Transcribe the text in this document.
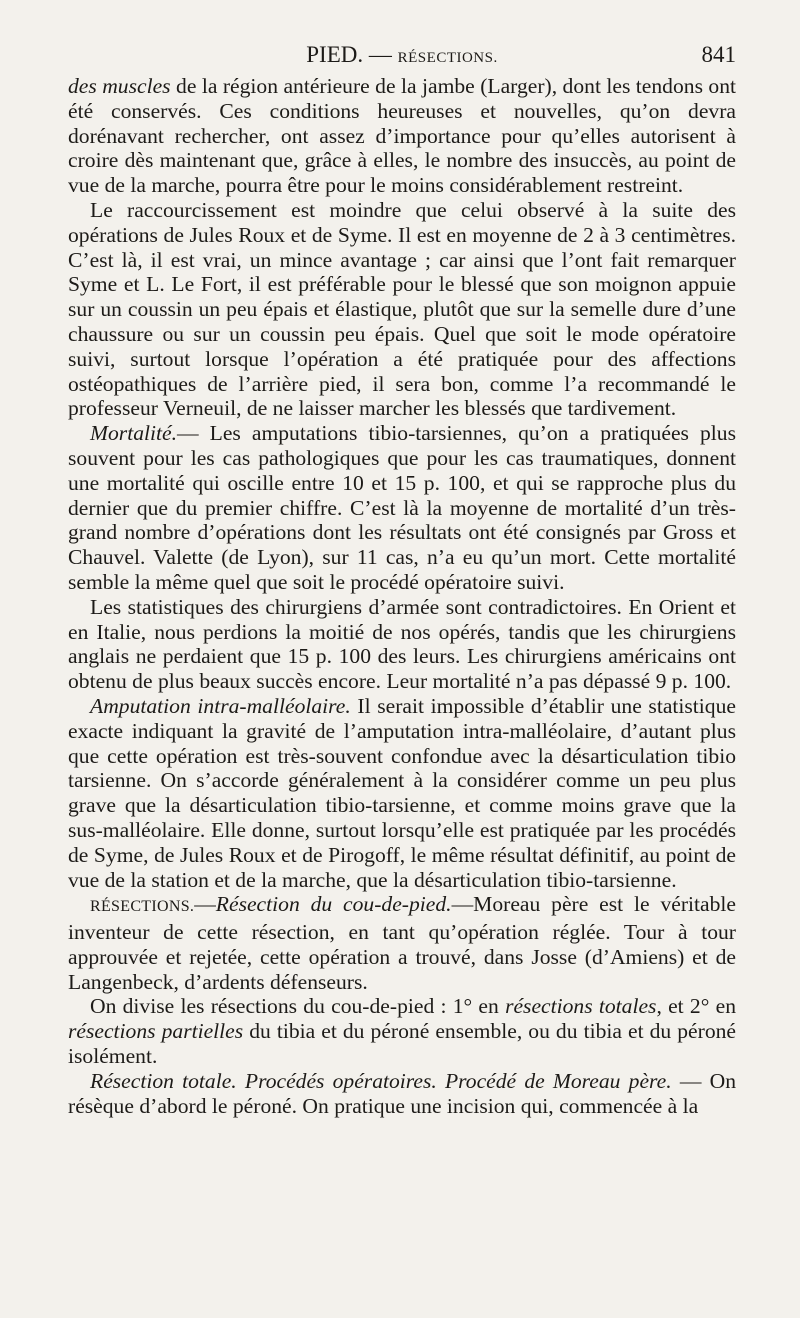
PIED. — RÉSECTIONS.	841

des muscles de la région antérieure de la jambe (Larger), dont les tendons ont été conservés. Ces conditions heureuses et nouvelles, qu’on devra dorénavant rechercher, ont assez d’importance pour qu’elles autorisent à croire dès maintenant que, grâce à elles, le nombre des insuccès, au point de vue de la marche, pourra être pour le moins considérablement restreint.

Le raccourcissement est moindre que celui observé à la suite des opérations de Jules Roux et de Syme. Il est en moyenne de 2 à 3 centimètres. C’est là, il est vrai, un mince avantage ; car ainsi que l’ont fait remarquer Syme et L. Le Fort, il est préférable pour le blessé que son moignon appuie sur un coussin un peu épais et élastique, plutôt que sur la semelle dure d’une chaussure ou sur un coussin peu épais. Quel que soit le mode opératoire suivi, surtout lorsque l’opération a été pratiquée pour des affections ostéopathiques de l’arrière pied, il sera bon, comme l’a recommandé le professeur Verneuil, de ne laisser marcher les blessés que tardivement.

Mortalité.— Les amputations tibio-tarsiennes, qu’on a pratiquées plus souvent pour les cas pathologiques que pour les cas traumatiques, donnent une mortalité qui oscille entre 10 et 15 p. 100, et qui se rapproche plus du dernier que du premier chiffre. C’est là la moyenne de mortalité d’un très-grand nombre d’opérations dont les résultats ont été consignés par Gross et Chauvel. Valette (de Lyon), sur 11 cas, n’a eu qu’un mort. Cette mortalité semble la même quel que soit le procédé opératoire suivi.

Les statistiques des chirurgiens d’armée sont contradictoires. En Orient et en Italie, nous perdions la moitié de nos opérés, tandis que les chirurgiens anglais ne perdaient que 15 p. 100 des leurs. Les chirurgiens américains ont obtenu de plus beaux succès encore. Leur mortalité n’a pas dépassé 9 p. 100.

Amputation intra-malléolaire. Il serait impossible d’établir une statistique exacte indiquant la gravité de l’amputation intra-malléolaire, d’autant plus que cette opération est très-souvent confondue avec la désarticulation tibio tarsienne. On s’accorde généralement à la considérer comme un peu plus grave que la désarticulation tibio-tarsienne, et comme moins grave que la sus-malléolaire. Elle donne, surtout lorsqu’elle est pratiquée par les procédés de Syme, de Jules Roux et de Pirogoff, le même résultat définitif, au point de vue de la station et de la marche, que la désarticulation tibio-tarsienne.

RÉSECTIONS.—Résection du cou-de-pied.—Moreau père est le véritable inventeur de cette résection, en tant qu’opération réglée. Tour à tour approuvée et rejetée, cette opération a trouvé, dans Josse (d’Amiens) et de Langenbeck, d’ardents défenseurs.

On divise les résections du cou-de-pied : 1° en résections totales, et 2° en résections partielles du tibia et du péroné ensemble, ou du tibia et du péroné isolément.

Résection totale. Procédés opératoires. Procédé de Moreau père. — On résèque d’abord le péroné. On pratique une incision qui, commencée à la
